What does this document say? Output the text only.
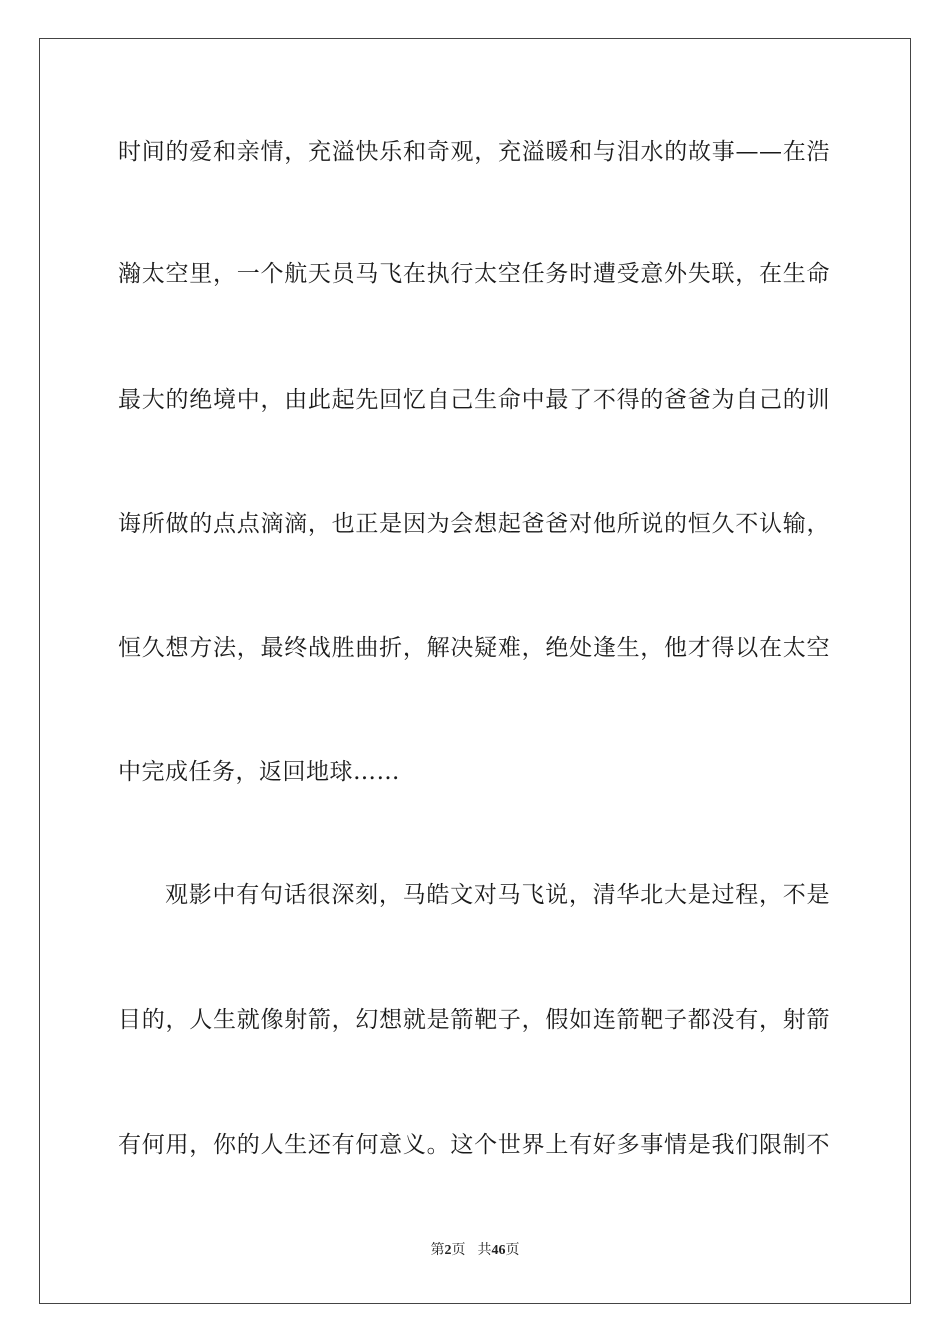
时间的爱和亲情，充溢快乐和奇观，充溢暖和与泪水的故事——在浩
瀚太空里，一个航天员马飞在执行太空任务时遭受意外失联，在生命
最大的绝境中，由此起先回忆自己生命中最了不得的爸爸为自己的训
诲所做的点点滴滴，也正是因为会想起爸爸对他所说的恒久不认输，
恒久想方法，最终战胜曲折，解决疑难，绝处逢生，他才得以在太空
中完成任务，返回地球……
观影中有句话很深刻，马皓文对马飞说，清华北大是过程，不是
目的，人生就像射箭，幻想就是箭靶子，假如连箭靶子都没有，射箭
有何用，你的人生还有何意义。这个世界上有好多事情是我们限制不
第2页 共46页
